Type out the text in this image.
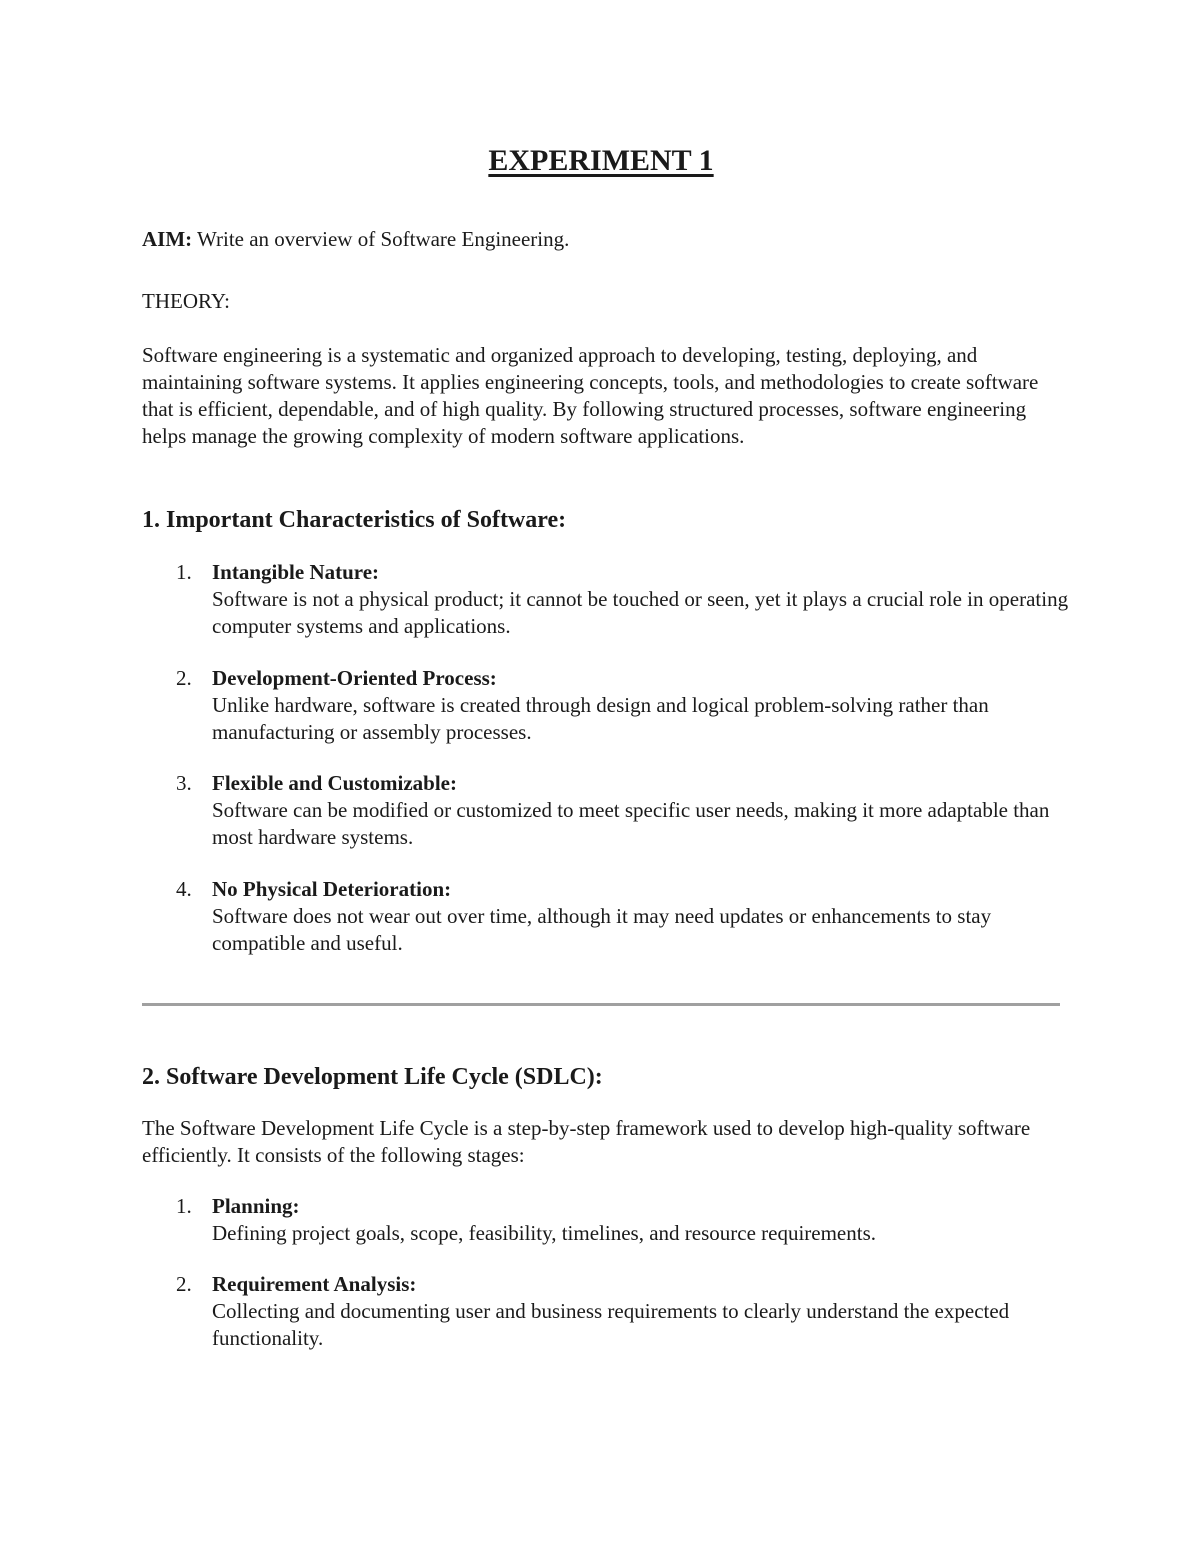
EXPERIMENT 1

AIM: Write an overview of Software Engineering.

THEORY:

Software engineering is a systematic and organized approach to developing, testing, deploying, and maintaining software systems. It applies engineering concepts, tools, and methodologies to create software that is efficient, dependable, and of high quality. By following structured processes, software engineering helps manage the growing complexity of modern software applications.

1. Important Characteristics of Software:

1. Intangible Nature:
Software is not a physical product; it cannot be touched or seen, yet it plays a crucial role in operating computer systems and applications.
2. Development-Oriented Process:
Unlike hardware, software is created through design and logical problem-solving rather than manufacturing or assembly processes.
3. Flexible and Customizable:
Software can be modified or customized to meet specific user needs, making it more adaptable than most hardware systems.
4. No Physical Deterioration:
Software does not wear out over time, although it may need updates or enhancements to stay compatible and useful.

2. Software Development Life Cycle (SDLC):

The Software Development Life Cycle is a step-by-step framework used to develop high-quality software efficiently. It consists of the following stages:

1. Planning:
Defining project goals, scope, feasibility, timelines, and resource requirements.
2. Requirement Analysis:
Collecting and documenting user and business requirements to clearly understand the expected functionality.
